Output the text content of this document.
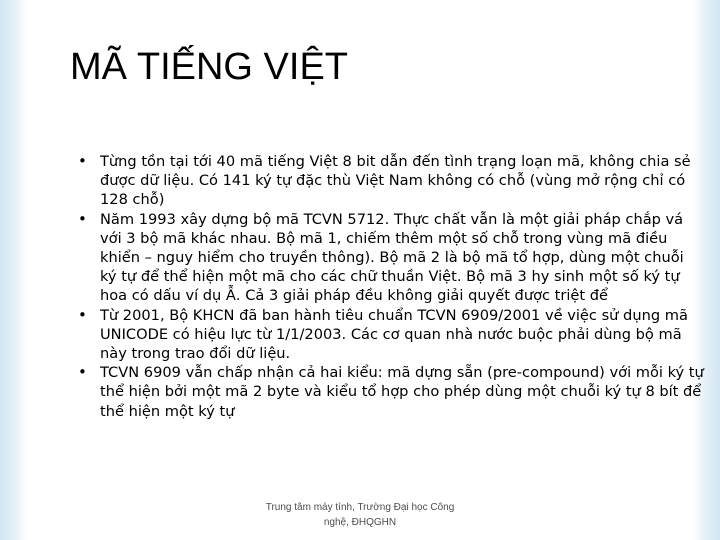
MÃ TIẾNG VIỆT
• Từng tồn tại tới 40 mã tiếng Việt 8 bit dẫn đến tình trạng loạn mã, không chia sẻ được dữ liệu. Có 141 ký tự đặc thù Việt Nam không có chỗ (vùng mở rộng chỉ có 128 chỗ)
• Năm 1993 xây dựng bộ mã TCVN 5712. Thực chất vẫn là một giải pháp chắp vá với 3 bộ mã khác nhau. Bộ mã 1, chiếm thêm một số chỗ trong vùng mã điều khiển – nguy hiểm cho truyền thông). Bộ mã 2 là bộ mã tổ hợp, dùng một chuỗi ký tự để thể hiện một mã cho các chữ thuần Việt. Bộ mã 3 hy sinh một số ký tự hoa có dấu ví dụ Ẫ. Cả 3 giải pháp đều không giải quyết được triệt để
• Từ 2001, Bộ KHCN đã ban hành tiêu chuẩn TCVN 6909/2001 về việc sử dụng mã UNICODE có hiệu lực từ 1/1/2003. Các cơ quan nhà nước buộc phải dùng bộ mã này trong trao đổi dữ liệu.
• TCVN 6909 vẫn chấp nhận cả hai kiểu: mã dựng sẵn (pre-compound) với mỗi ký tự thể hiện bởi một mã 2 byte và kiểu tổ hợp cho phép dùng một chuỗi ký tự 8 bít để thể hiện một ký tự
Trung tâm máy tính, Trường Đại học Công nghệ, ĐHQGHN
